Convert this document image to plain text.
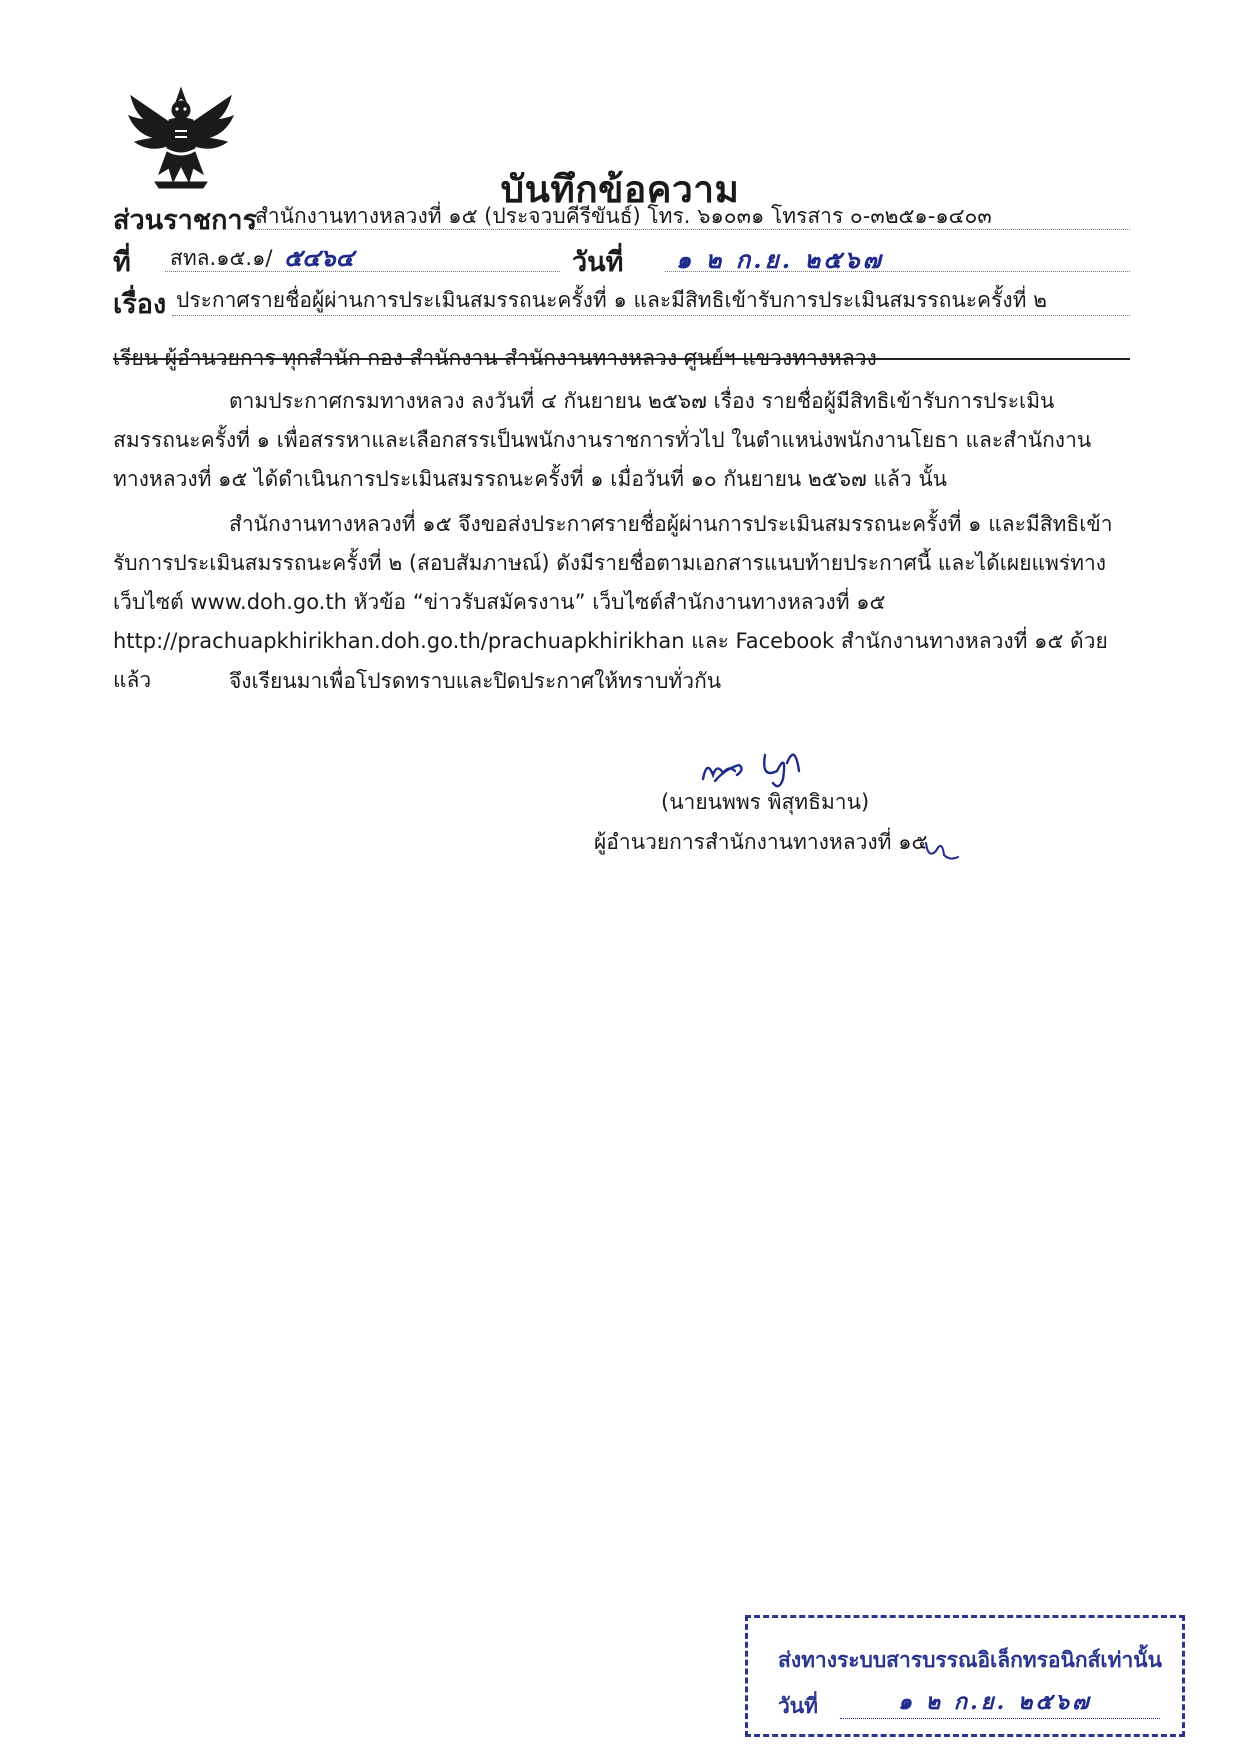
บันทึกข้อความ
ส่วนราชการ
สำนักงานทางหลวงที่ ๑๕ (ประจวบคีรีขันธ์) โทร. ๖๑๐๓๑ โทรสาร ๐-๓๒๕๑-๑๔๐๓
ที่ สทล.๑๕.๑/ ๕๔๖๔	วันที่ ๑ ๒ ก.ย. ๒๕๖๗
เรื่อง ประกาศรายชื่อผู้ผ่านการประเมินสมรรถนะครั้งที่ ๑ และมีสิทธิเข้ารับการประเมินสมรรถนะครั้งที่ ๒
เรียน ผู้อำนวยการ ทุกสำนัก กอง สำนักงาน สำนักงานทางหลวง ศูนย์ฯ แขวงทางหลวง
ตามประกาศกรมทางหลวง ลงวันที่ ๔ กันยายน ๒๕๖๗ เรื่อง รายชื่อผู้มีสิทธิเข้ารับการประเมินสมรรถนะครั้งที่ ๑ เพื่อสรรหาและเลือกสรรเป็นพนักงานราชการทั่วไป ในตำแหน่งพนักงานโยธา และสำนักงานทางหลวงที่ ๑๕ ได้ดำเนินการประเมินสมรรถนะครั้งที่ ๑ เมื่อวันที่ ๑๐ กันยายน ๒๕๖๗ แล้ว นั้น
สำนักงานทางหลวงที่ ๑๕ จึงขอส่งประกาศรายชื่อผู้ผ่านการประเมินสมรรถนะครั้งที่ ๑ และมีสิทธิเข้ารับการประเมินสมรรถนะครั้งที่ ๒ (สอบสัมภาษณ์) ดังมีรายชื่อตามเอกสารแนบท้ายประกาศนี้ และได้เผยแพร่ทางเว็บไซต์ www.doh.go.th หัวข้อ “ข่าวรับสมัครงาน” เว็บไซต์สำนักงานทางหลวงที่ ๑๕ http://prachuapkhirikhan.doh.go.th/prachuapkhirikhan และ Facebook สำนักงานทางหลวงที่ ๑๕ ด้วยแล้ว	จึงเรียนมาเพื่อโปรดทราบและปิดประกาศให้ทราบทั่วกัน
(นายนพพร พิสุทธิมาน)
ผู้อำนวยการสำนักงานทางหลวงที่ ๑๕
ส่งทางระบบสารบรรณอิเล็กทรอนิกส์เท่านั้น
วันที่	๑ ๒ ก.ย. ๒๕๖๗
